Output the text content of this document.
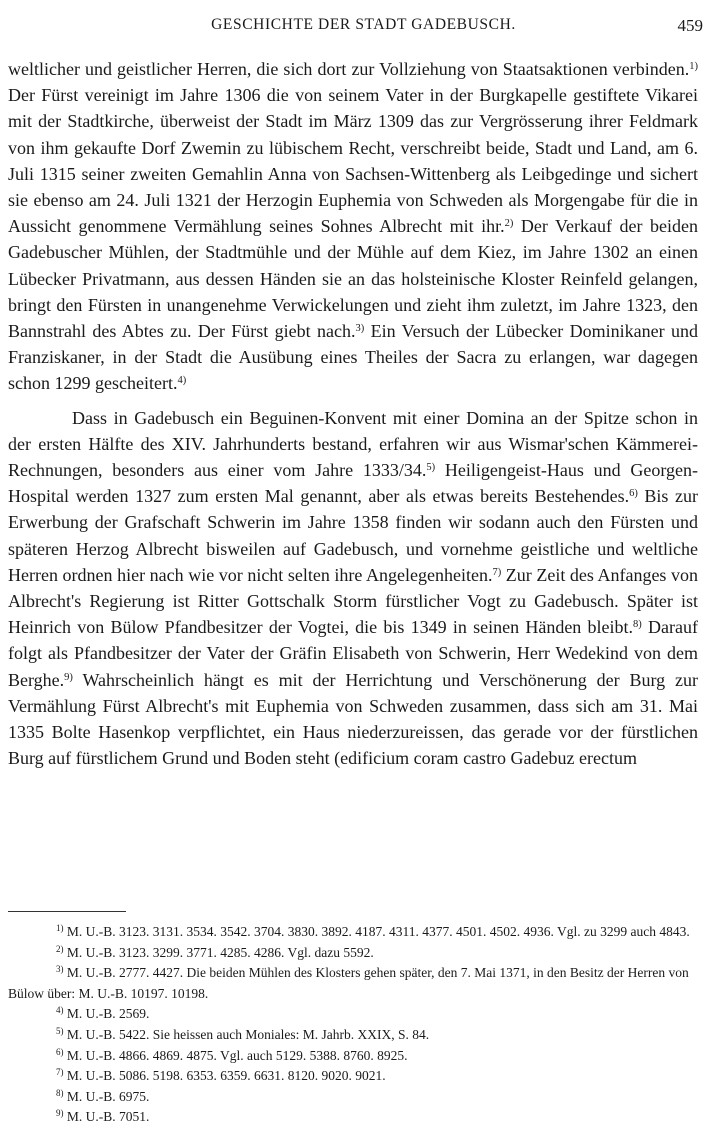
GESCHICHTE DER STADT GADEBUSCH.	459

weltlicher und geistlicher Herren, die sich dort zur Vollziehung von Staatsaktionen verbinden.$^{1)}$ Der Fürst vereinigt im Jahre 1306 die von seinem Vater in der Burgkapelle gestiftete Vikarei mit der Stadtkirche, überweist der Stadt im März 1309 das zur Vergrösserung ihrer Feldmark von ihm gekaufte Dorf Zwemin zu lübischem Recht, verschreibt beide, Stadt und Land, am 6. Juli 1315 seiner zweiten Gemahlin Anna von Sachsen-Wittenberg als Leibgedinge und sichert sie ebenso am 24. Juli 1321 der Herzogin Euphemia von Schweden als Morgengabe für die in Aussicht genommene Vermählung seines Sohnes Albrecht mit ihr.$^{2)}$ Der Verkauf der beiden Gadebuscher Mühlen, der Stadtmühle und der Mühle auf dem Kiez, im Jahre 1302 an einen Lübecker Privatmann, aus dessen Händen sie an das holsteinische Kloster Reinfeld gelangen, bringt den Fürsten in unangenehme Verwickelungen und zieht ihm zuletzt, im Jahre 1323, den Bannstrahl des Abtes zu. Der Fürst giebt nach.$^{3)}$ Ein Versuch der Lübecker Dominikaner und Franziskaner, in der Stadt die Ausübung eines Theiles der Sacra zu erlangen, war dagegen schon 1299 gescheitert.$^{4)}$

Dass in Gadebusch ein Beguinen-Konvent mit einer Domina an der Spitze schon in der ersten Hälfte des XIV. Jahrhunderts bestand, erfahren wir aus Wismar'schen Kämmerei-Rechnungen, besonders aus einer vom Jahre 1333/34.$^{5)}$ Heiligengeist-Haus und Georgen-Hospital werden 1327 zum ersten Mal genannt, aber als etwas bereits Bestehendes.$^{6)}$ Bis zur Erwerbung der Grafschaft Schwerin im Jahre 1358 finden wir sodann auch den Fürsten und späteren Herzog Albrecht bisweilen auf Gadebusch, und vornehme geistliche und weltliche Herren ordnen hier nach wie vor nicht selten ihre Angelegenheiten.$^{7)}$ Zur Zeit des Anfanges von Albrecht's Regierung ist Ritter Gottschalk Storm fürstlicher Vogt zu Gadebusch. Später ist Heinrich von Bülow Pfandbesitzer der Vogtei, die bis 1349 in seinen Händen bleibt.$^{8)}$ Darauf folgt als Pfandbesitzer der Vater der Gräfin Elisabeth von Schwerin, Herr Wedekind von dem Berghe.$^{9)}$ Wahrscheinlich hängt es mit der Herrichtung und Verschönerung der Burg zur Vermählung Fürst Albrecht's mit Euphemia von Schweden zusammen, dass sich am 31. Mai 1335 Bolte Hasenkop verpflichtet, ein Haus niederzureissen, das gerade vor der fürstlichen Burg auf fürstlichem Grund und Boden steht (edificium coram castro Gadebuz erectum

$^{1)}$ M. U.-B. 3123. 3131. 3534. 3542. 3704. 3830. 3892. 4187. 4311. 4377. 4501. 4502. 4936. Vgl. zu 3299 auch 4843.

$^{2)}$ M. U.-B. 3123. 3299. 3771. 4285. 4286. Vgl. dazu 5592.

$^{3)}$ M. U.-B. 2777. 4427. Die beiden Mühlen des Klosters gehen später, den 7. Mai 1371, in den Besitz der Herren von Bülow über: M. U.-B. 10197. 10198.

$^{4)}$ M. U.-B. 2569.

$^{5)}$ M. U.-B. 5422. Sie heissen auch Moniales: M. Jahrb. XXIX, S. 84.

$^{6)}$ M. U.-B. 4866. 4869. 4875. Vgl. auch 5129. 5388. 8760. 8925.

$^{7)}$ M. U.-B. 5086. 5198. 6353. 6359. 6631. 8120. 9020. 9021.

$^{8)}$ M. U.-B. 6975.

$^{9)}$ M. U.-B. 7051.
